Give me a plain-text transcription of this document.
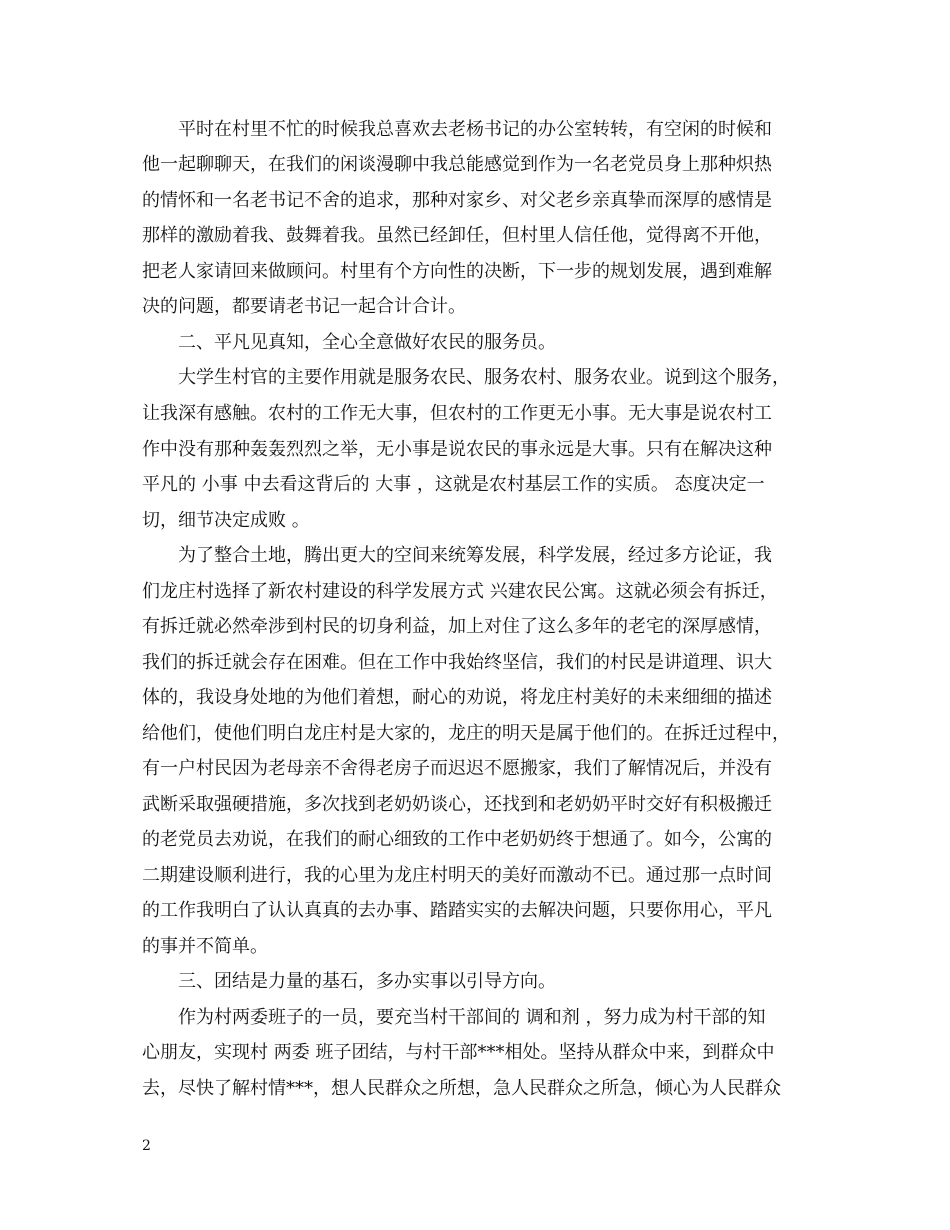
　　平时在村里不忙的时候我总喜欢去老杨书记的办公室转转，有空闲的时候和
他一起聊聊天，在我们的闲谈漫聊中我总能感觉到作为一名老党员身上那种炽热
的情怀和一名老书记不舍的追求，那种对家乡、对父老乡亲真挚而深厚的感情是
那样的激励着我、鼓舞着我。虽然已经卸任，但村里人信任他，觉得离不开他，
把老人家请回来做顾问。村里有个方向性的决断，下一步的规划发展，遇到难解
决的问题，都要请老书记一起合计合计。
　　二、平凡见真知，全心全意做好农民的服务员。
　　大学生村官的主要作用就是服务农民、服务农村、服务农业。说到这个服务，
让我深有感触。农村的工作无大事，但农村的工作更无小事。无大事是说农村工
作中没有那种轰轰烈烈之举，无小事是说农民的事永远是大事。只有在解决这种
平凡的 小事 中去看这背后的 大事 ，这就是农村基层工作的实质。 态度决定一
切，细节决定成败 。
　　为了整合土地，腾出更大的空间来统筹发展，科学发展，经过多方论证，我
们龙庄村选择了新农村建设的科学发展方式 兴建农民公寓。这就必须会有拆迁，
有拆迁就必然牵涉到村民的切身利益，加上对住了这么多年的老宅的深厚感情，
我们的拆迁就会存在困难。但在工作中我始终坚信，我们的村民是讲道理、识大
体的，我设身处地的为他们着想，耐心的劝说，将龙庄村美好的未来细细的描述
给他们，使他们明白龙庄村是大家的，龙庄的明天是属于他们的。在拆迁过程中，
有一户村民因为老母亲不舍得老房子而迟迟不愿搬家，我们了解情况后，并没有
武断采取强硬措施，多次找到老奶奶谈心，还找到和老奶奶平时交好有积极搬迁
的老党员去劝说，在我们的耐心细致的工作中老奶奶终于想通了。如今，公寓的
二期建设顺利进行，我的心里为龙庄村明天的美好而激动不已。通过那一点时间
的工作我明白了认认真真的去办事、踏踏实实的去解决问题，只要你用心，平凡
的事并不简单。
　　三、团结是力量的基石，多办实事以引导方向。
　　作为村两委班子的一员，要充当村干部间的 调和剂 ，努力成为村干部的知
心朋友，实现村 两委 班子团结，与村干部***相处。坚持从群众中来，到群众中
去，尽快了解村情***，想人民群众之所想，急人民群众之所急，倾心为人民群众
2
